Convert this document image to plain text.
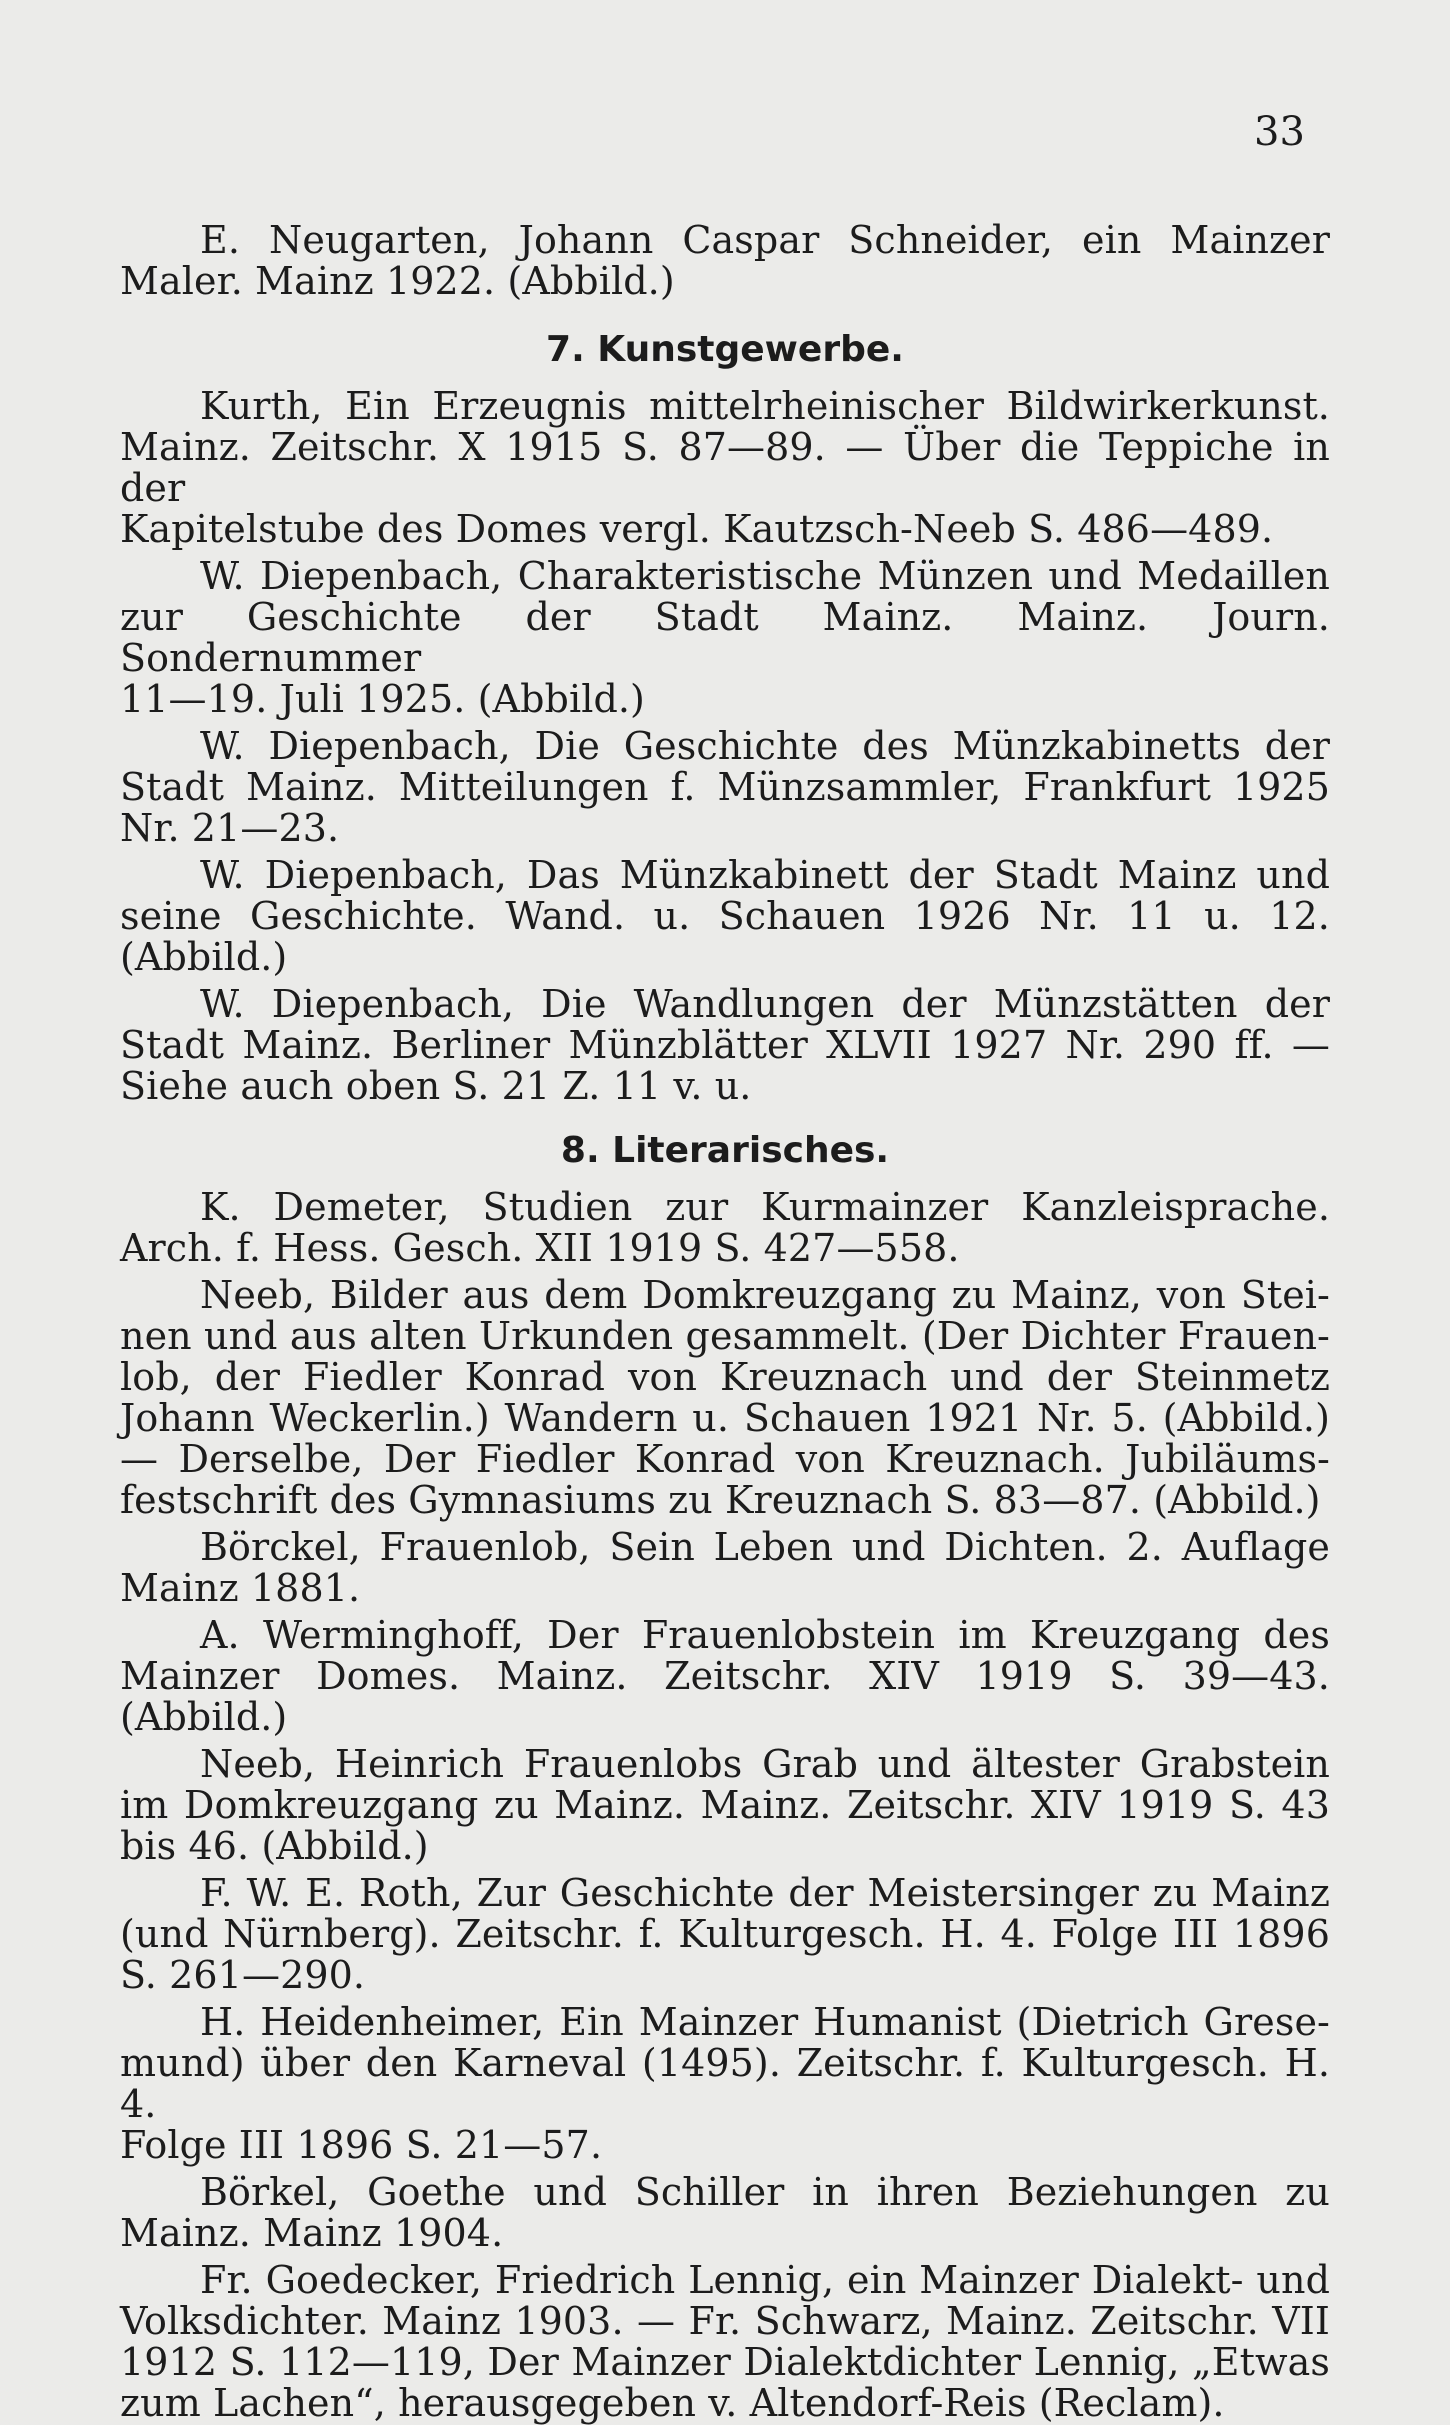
33

E. Neugarten, Johann Caspar Schneider, ein Mainzer
Maler. Mainz 1922. (Abbild.)

7. Kunstgewerbe.

Kurth, Ein Erzeugnis mittelrheinischer Bildwirkerkunst.
Mainz. Zeitschr. X 1915 S. 87—89. — Über die Teppiche in der
Kapitelstube des Domes vergl. Kautzsch-Neeb S. 486—489.

W. Diepenbach, Charakteristische Münzen und Medaillen
zur Geschichte der Stadt Mainz. Mainz. Journ. Sondernummer
11—19. Juli 1925. (Abbild.)

W. Diepenbach, Die Geschichte des Münzkabinetts der
Stadt Mainz. Mitteilungen f. Münzsammler, Frankfurt 1925
Nr. 21—23.

W. Diepenbach, Das Münzkabinett der Stadt Mainz und
seine Geschichte. Wand. u. Schauen 1926 Nr. 11 u. 12. (Abbild.)

W. Diepenbach, Die Wandlungen der Münzstätten der
Stadt Mainz. Berliner Münzblätter XLVII 1927 Nr. 290 ff. —
Siehe auch oben S. 21 Z. 11 v. u.

8. Literarisches.

K. Demeter, Studien zur Kurmainzer Kanzleisprache.
Arch. f. Hess. Gesch. XII 1919 S. 427—558.

Neeb, Bilder aus dem Domkreuzgang zu Mainz, von Stei-
nen und aus alten Urkunden gesammelt. (Der Dichter Frauen-
lob, der Fiedler Konrad von Kreuznach und der Steinmetz
Johann Weckerlin.) Wandern u. Schauen 1921 Nr. 5. (Abbild.)
— Derselbe, Der Fiedler Konrad von Kreuznach. Jubiläums-
festschrift des Gymnasiums zu Kreuznach S. 83—87. (Abbild.)

Börckel, Frauenlob, Sein Leben und Dichten. 2. Auflage
Mainz 1881.

A. Werminghoff, Der Frauenlobstein im Kreuzgang des
Mainzer Domes. Mainz. Zeitschr. XIV 1919 S. 39—43. (Abbild.)

Neeb, Heinrich Frauenlobs Grab und ältester Grabstein
im Domkreuzgang zu Mainz. Mainz. Zeitschr. XIV 1919 S. 43
bis 46. (Abbild.)

F. W. E. Roth, Zur Geschichte der Meistersinger zu Mainz
(und Nürnberg). Zeitschr. f. Kulturgesch. H. 4. Folge III 1896
S. 261—290.

H. Heidenheimer, Ein Mainzer Humanist (Dietrich Grese-
mund) über den Karneval (1495). Zeitschr. f. Kulturgesch. H. 4.
Folge III 1896 S. 21—57.

Börkel, Goethe und Schiller in ihren Beziehungen zu
Mainz. Mainz 1904.

Fr. Goedecker, Friedrich Lennig, ein Mainzer Dialekt- und
Volksdichter. Mainz 1903. — Fr. Schwarz, Mainz. Zeitschr. VII
1912 S. 112—119, Der Mainzer Dialektdichter Lennig, „Etwas
zum Lachen“, herausgegeben v. Altendorf-Reis (Reclam).
